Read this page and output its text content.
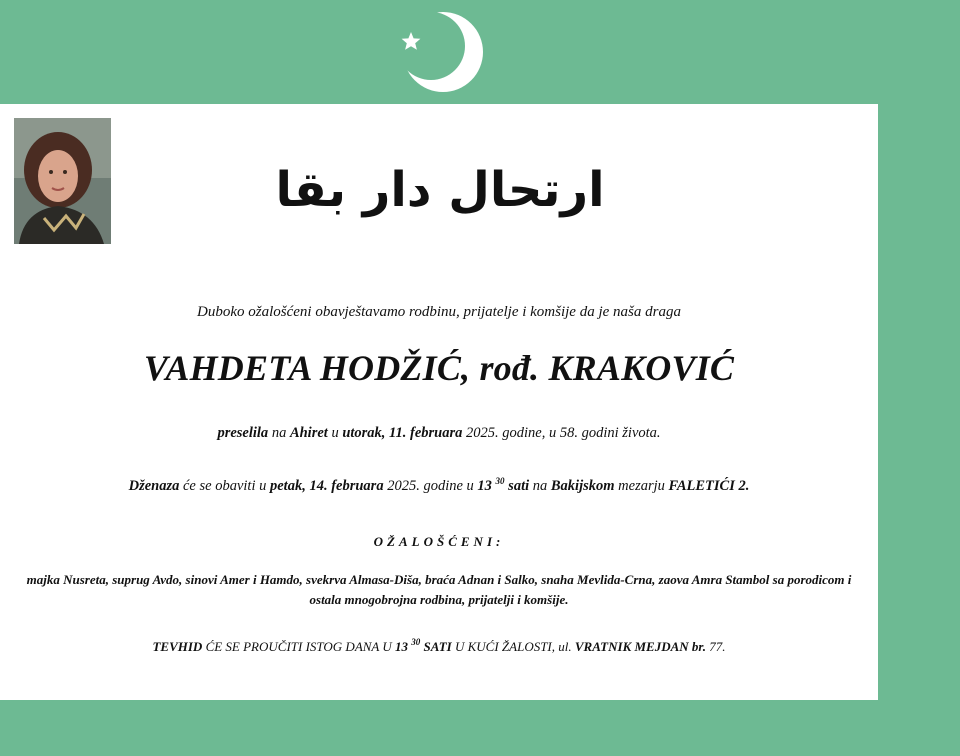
ارتحال دار بقا

Duboko ožalošćeni obavještavamo rodbinu, prijatelje i komšije da je naša draga

VAHDETA HODŽIĆ, rođ. KRAKOVIĆ

preselila na Ahiret u utorak, 11. februara 2025. godine, u 58. godini života.

Dženaza će se obaviti u petak, 14. februara 2025. godine u 13 $^{30}$ sati na Bakijskom mezarju FALETIĆI 2.

OŽALOŠĆENI:

majka Nusreta, suprug Avdo, sinovi Amer i Hamdo, svekrva Almasa-Diša, braća Adnan i Salko, snaha Mevlida-Crna, zaova Amra Stambol sa porodicom i ostala mnogobrojna rodbina, prijatelji i komšije.

TEVHID ĆE SE PROUČITI ISTOG DANA U 13 $^{30}$ SATI U KUĆI ŽALOSTI, ul. VRATNIK MEJDAN br. 77.
